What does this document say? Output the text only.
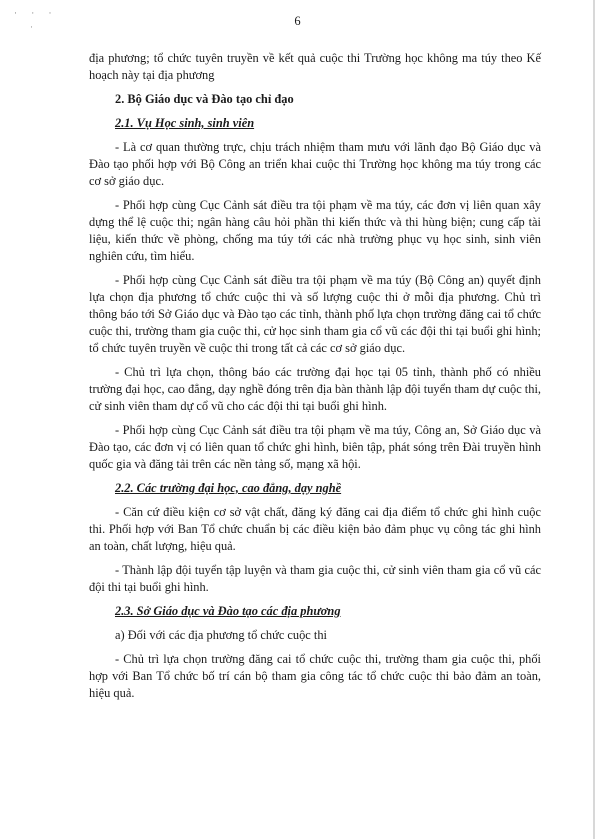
· · ·
·	6

địa phương; tổ chức tuyên truyền về kết quả cuộc thi Trường học không ma túy theo Kế hoạch này tại địa phương

2. Bộ Giáo dục và Đào tạo chỉ đạo
2.1. Vụ Học sinh, sinh viên

- Là cơ quan thường trực, chịu trách nhiệm tham mưu với lãnh đạo Bộ Giáo dục và Đào tạo phối hợp với Bộ Công an triển khai cuộc thi Trường học không ma túy trong các cơ sở giáo dục.

- Phối hợp cùng Cục Cảnh sát điều tra tội phạm về ma túy, các đơn vị liên quan xây dựng thể lệ cuộc thi; ngân hàng câu hỏi phần thi kiến thức và thi hùng biện; cung cấp tài liệu, kiến thức về phòng, chống ma túy tới các nhà trường phục vụ học sinh, sinh viên nghiên cứu, tìm hiểu.

- Phối hợp cùng Cục Cảnh sát điều tra tội phạm về ma túy (Bộ Công an) quyết định lựa chọn địa phương tổ chức cuộc thi và số lượng cuộc thi ở mỗi địa phương. Chủ trì thông báo tới Sở Giáo dục và Đào tạo các tỉnh, thành phố lựa chọn trường đăng cai tổ chức cuộc thi, trường tham gia cuộc thi, cử học sinh tham gia cổ vũ các đội thi tại buổi ghi hình; tổ chức tuyên truyền về cuộc thi trong tất cả các cơ sở giáo dục.

- Chủ trì lựa chọn, thông báo các trường đại học tại 05 tỉnh, thành phố có nhiều trường đại học, cao đẳng, dạy nghề đóng trên địa bàn thành lập đội tuyển tham dự cuộc thi, cử sinh viên tham dự cổ vũ cho các đội thi tại buổi ghi hình.

- Phối hợp cùng Cục Cảnh sát điều tra tội phạm về ma túy, Công an, Sở Giáo dục và Đào tạo, các đơn vị có liên quan tổ chức ghi hình, biên tập, phát sóng trên Đài truyền hình quốc gia và đăng tải trên các nền tảng số, mạng xã hội.

2.2. Các trường đại học, cao đẳng, dạy nghề

- Căn cứ điều kiện cơ sở vật chất, đăng ký đăng cai địa điểm tổ chức ghi hình cuộc thi. Phối hợp với Ban Tổ chức chuẩn bị các điều kiện bảo đảm phục vụ công tác ghi hình an toàn, chất lượng, hiệu quả.

- Thành lập đội tuyển tập luyện và tham gia cuộc thi, cử sinh viên tham gia cổ vũ các đội thi tại buổi ghi hình.

2.3. Sở Giáo dục và Đào tạo các địa phương

a) Đối với các địa phương tổ chức cuộc thi

- Chủ trì lựa chọn trường đăng cai tổ chức cuộc thi, trường tham gia cuộc thi, phối hợp với Ban Tổ chức bố trí cán bộ tham gia công tác tổ chức cuộc thi bảo đảm an toàn, hiệu quả.
